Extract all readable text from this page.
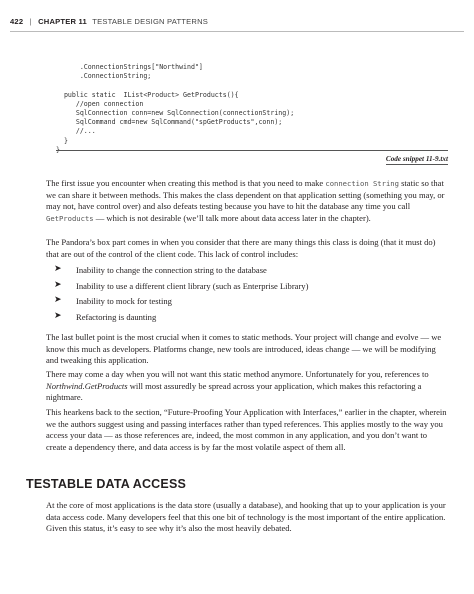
422 | CHAPTER 11 TESTABLE DESIGN PATTERNS
.ConnectionStrings["Northwind"]
.ConnectionString;

public static  IList<Product> GetProducts(){
//open connection
SqlConnection conn=new SqlConnection(connectionString);
SqlCommand cmd=new SqlCommand("spGetProducts",conn);
//...
}
}

Code snippet 11-9.txt

The first issue you encounter when creating this method is that you need to make connection String static so that we can share it between methods. This makes the class dependent on that application setting (something you may, or may not, have control over) and also defeats testing because you have to hit the database any time you call GetProducts — which is not desirable (we’ll talk more about data access later in the chapter).

The Pandora’s box part comes in when you consider that there are many things this class is doing (that it must do) that are out of the control of the client code. This lack of control includes:

➤ Inability to change the connection string to the database
➤ Inability to use a different client library (such as Enterprise Library)
➤ Inability to mock for testing
➤ Refactoring is daunting

The last bullet point is the most crucial when it comes to static methods. Your project will change and evolve — we know this much as developers. Platforms change, new tools are introduced, ideas change — we will be modifying and tweaking this application.

There may come a day when you will not want this static method anymore. Unfortunately for you, references to Northwind.GetProducts will most assuredly be spread across your application, which makes this refactoring a nightmare.

This hearkens back to the section, “Future-Proofing Your Application with Interfaces,” earlier in the chapter, wherein we the authors suggest using and passing interfaces rather than typed references. This applies mostly to the way you access your data — as those references are, indeed, the most common in any application, and you don’t want to create a dependency there, and data access is by far the most volatile aspect of them all.

TESTABLE DATA ACCESS

At the core of most applications is the data store (usually a database), and hooking that up to your application is your data access code. Many developers feel that this one bit of technology is the most important of the entire application. Given this status, it’s easy to see why it’s also the most heavily debated.
